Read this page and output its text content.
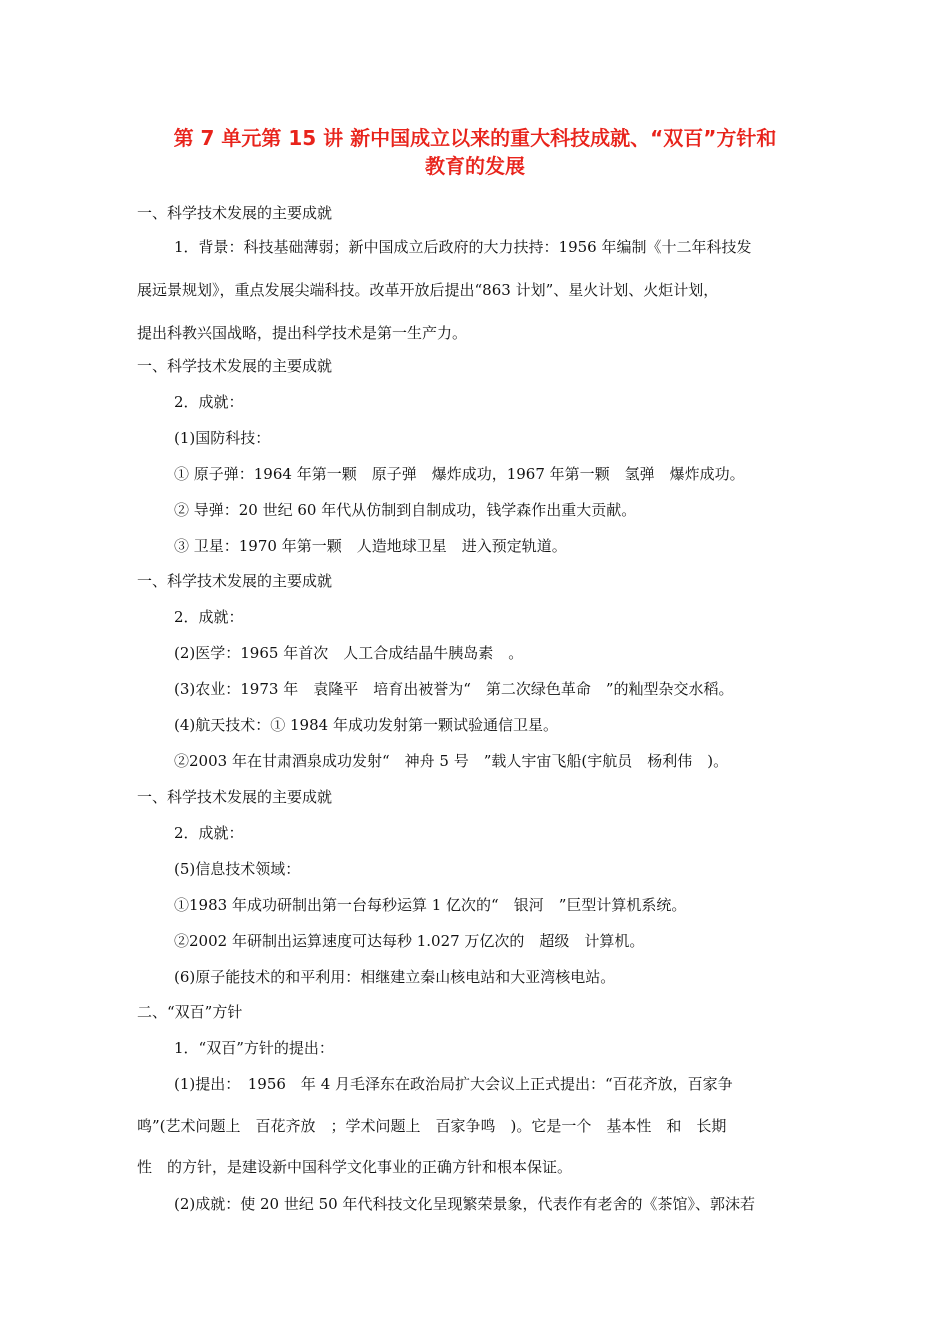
第 7 单元第 15 讲 新中国成立以来的重大科技成就、“双百”方针和
教育的发展
一、科学技术发展的主要成就
1．背景：科技基础薄弱；新中国成立后政府的大力扶持：1956 年编制《十二年科技发
展远景规划》，重点发展尖端科技。改革开放后提出“863 计划”、星火计划、火炬计划，
提出科教兴国战略，提出科学技术是第一生产力。
一、科学技术发展的主要成就
2．成就：
(1)国防科技：
① 原子弹：1964 年第一颗　原子弹　爆炸成功，1967 年第一颗　氢弹　爆炸成功。
② 导弹：20 世纪 60 年代从仿制到自制成功，钱学森作出重大贡献。
③ 卫星：1970 年第一颗　人造地球卫星　进入预定轨道。
一、科学技术发展的主要成就
2．成就：
(2)医学：1965 年首次　人工合成结晶牛胰岛素　。
(3)农业：1973 年　袁隆平　培育出被誉为“　第二次绿色革命　”的籼型杂交水稻。
(4)航天技术：① 1984 年成功发射第一颗试验通信卫星。
②2003 年在甘肃酒泉成功发射“　神舟 5 号　”载人宇宙飞船(宇航员　杨利伟　)。
一、科学技术发展的主要成就
2．成就：
(5)信息技术领域：
①1983 年成功研制出第一台每秒运算 1 亿次的“　银河　”巨型计算机系统。
②2002 年研制出运算速度可达每秒 1.027 万亿次的　超级　计算机。
(6)原子能技术的和平利用：相继建立秦山核电站和大亚湾核电站。
二、“双百”方针
1．“双百”方针的提出：
(1)提出：　1956　年 4 月毛泽东在政治局扩大会议上正式提出：“百花齐放，百家争
鸣”(艺术问题上　百花齐放　；学术问题上　百家争鸣　)。它是一个　基本性　和　长期
性　的方针，是建设新中国科学文化事业的正确方针和根本保证。
(2)成就：使 20 世纪 50 年代科技文化呈现繁荣景象，代表作有老舍的《茶馆》、郭沫若
